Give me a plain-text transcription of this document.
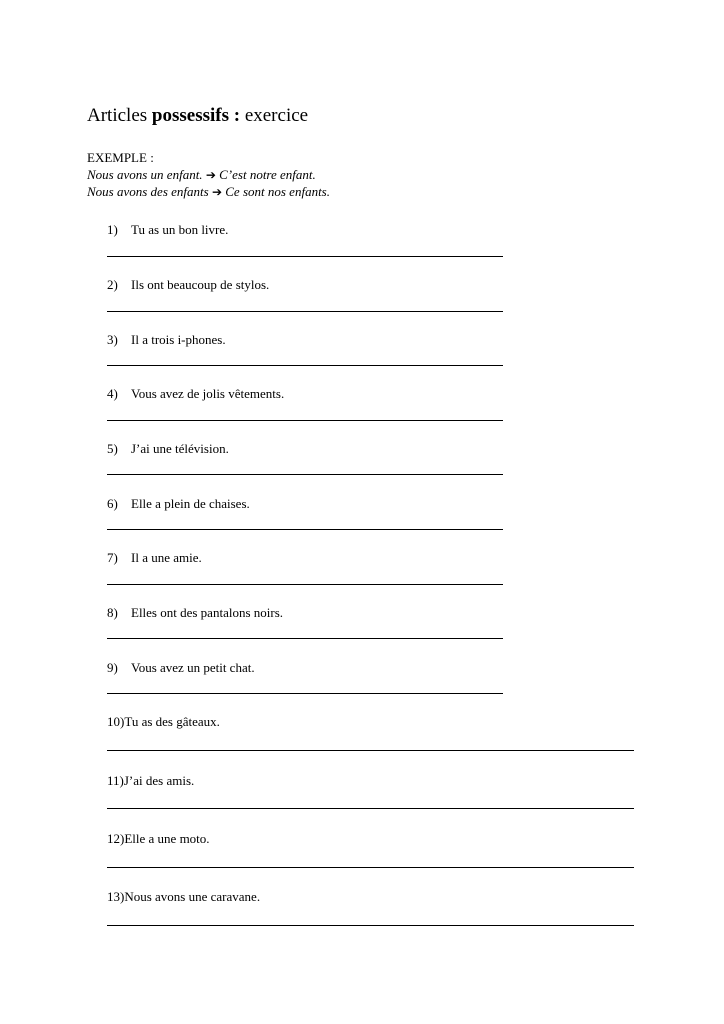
Articles possessifs : exercice
EXEMPLE :
Nous avons un enfant. ➔ C’est notre enfant.
Nous avons des enfants ➔ Ce sont nos enfants.
1) Tu as un bon livre.
2) Ils ont beaucoup de stylos.
3) Il a trois i-phones.
4) Vous avez de jolis vêtements.
5) J’ai une télévision.
6) Elle a plein de chaises.
7) Il a une amie.
8) Elles ont des pantalons noirs.
9) Vous avez un petit chat.
10)Tu as des gâteaux.
11)J’ai des amis.
12)Elle a une moto.
13)Nous avons une caravane.
